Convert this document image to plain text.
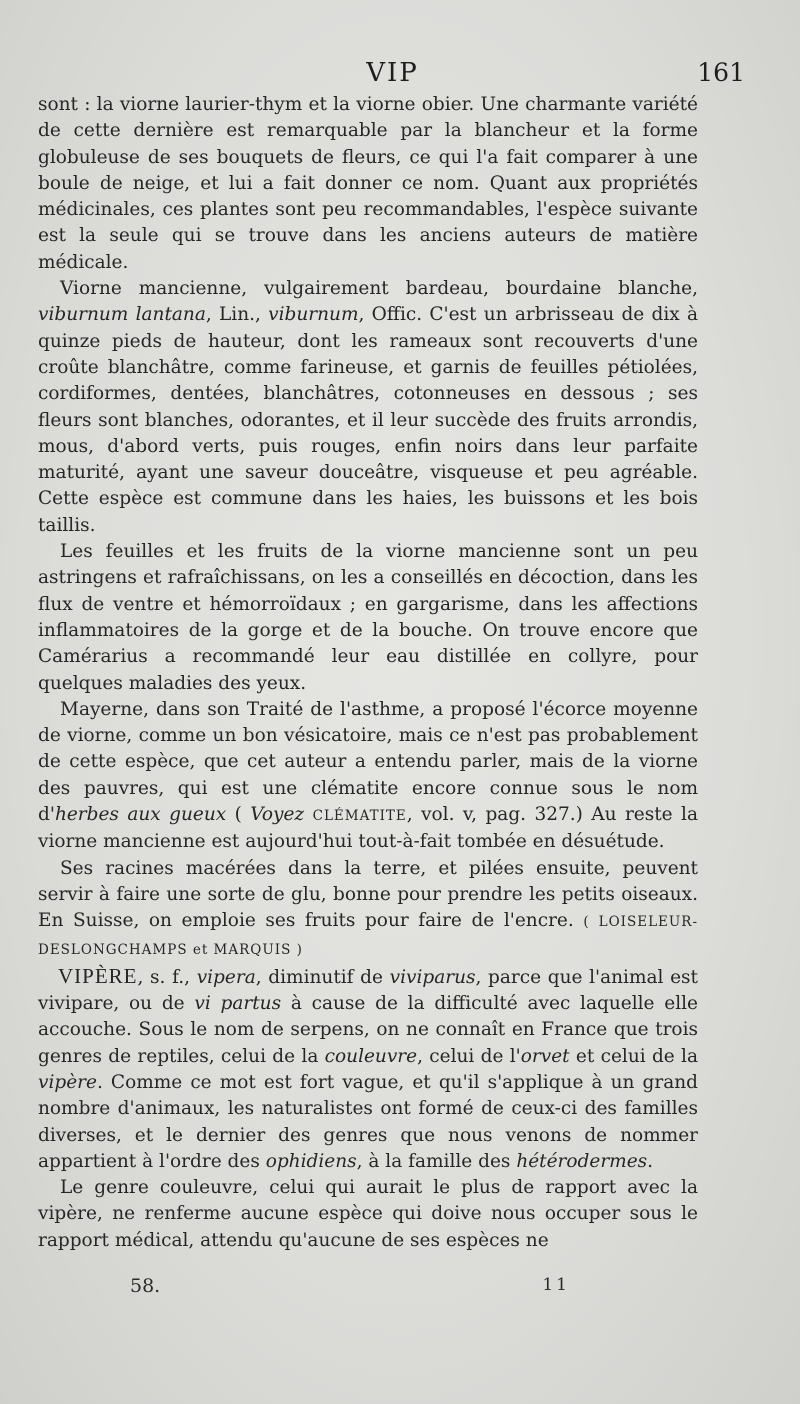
VIP	161

sont : la viorne laurier-thym et la viorne obier. Une charmante variété de cette dernière est remarquable par la blancheur et la forme globuleuse de ses bouquets de fleurs, ce qui l'a fait comparer à une boule de neige, et lui a fait donner ce nom. Quant aux propriétés médicinales, ces plantes sont peu recommandables, l'espèce suivante est la seule qui se trouve dans les anciens auteurs de matière médicale.

Viorne mancienne, vulgairement bardeau, bourdaine blanche, viburnum lantana, Lin., viburnum, Offic. C'est un arbrisseau de dix à quinze pieds de hauteur, dont les rameaux sont recouverts d'une croûte blanchâtre, comme farineuse, et garnis de feuilles pétiolées, cordiformes, dentées, blanchâtres, cotonneuses en dessous ; ses fleurs sont blanches, odorantes, et il leur succède des fruits arrondis, mous, d'abord verts, puis rouges, enfin noirs dans leur parfaite maturité, ayant une saveur douceâtre, visqueuse et peu agréable. Cette espèce est commune dans les haies, les buissons et les bois taillis.

Les feuilles et les fruits de la viorne mancienne sont un peu astringens et rafraîchissans, on les a conseillés en décoction, dans les flux de ventre et hémorroïdaux ; en gargarisme, dans les affections inflammatoires de la gorge et de la bouche. On trouve encore que Camérarius a recommandé leur eau distillée en collyre, pour quelques maladies des yeux.

Mayerne, dans son Traité de l'asthme, a proposé l'écorce moyenne de viorne, comme un bon vésicatoire, mais ce n'est pas probablement de cette espèce, que cet auteur a entendu parler, mais de la viorne des pauvres, qui est une clématite encore connue sous le nom d'herbes aux gueux ( Voyez CLÉMATITE, vol. v, pag. 327.) Au reste la viorne mancienne est aujourd'hui tout-à-fait tombée en désuétude.

Ses racines macérées dans la terre, et pilées ensuite, peuvent servir à faire une sorte de glu, bonne pour prendre les petits oiseaux. En Suisse, on emploie ses fruits pour faire de l'encre. ( LOISELEUR-DESLONGCHAMPS et MARQUIS )

VIPÈRE, s. f., vipera, diminutif de viviparus, parce que l'animal est vivipare, ou de vi partus à cause de la difficulté avec laquelle elle accouche. Sous le nom de serpens, on ne connaît en France que trois genres de reptiles, celui de la couleuvre, celui de l'orvet et celui de la vipère. Comme ce mot est fort vague, et qu'il s'applique à un grand nombre d'animaux, les naturalistes ont formé de ceux-ci des familles diverses, et le dernier des genres que nous venons de nommer appartient à l'ordre des ophidiens, à la famille des hétérodermes.

Le genre couleuvre, celui qui aurait le plus de rapport avec la vipère, ne renferme aucune espèce qui doive nous occuper sous le rapport médical, attendu qu'aucune de ses espèces ne

58.	11
